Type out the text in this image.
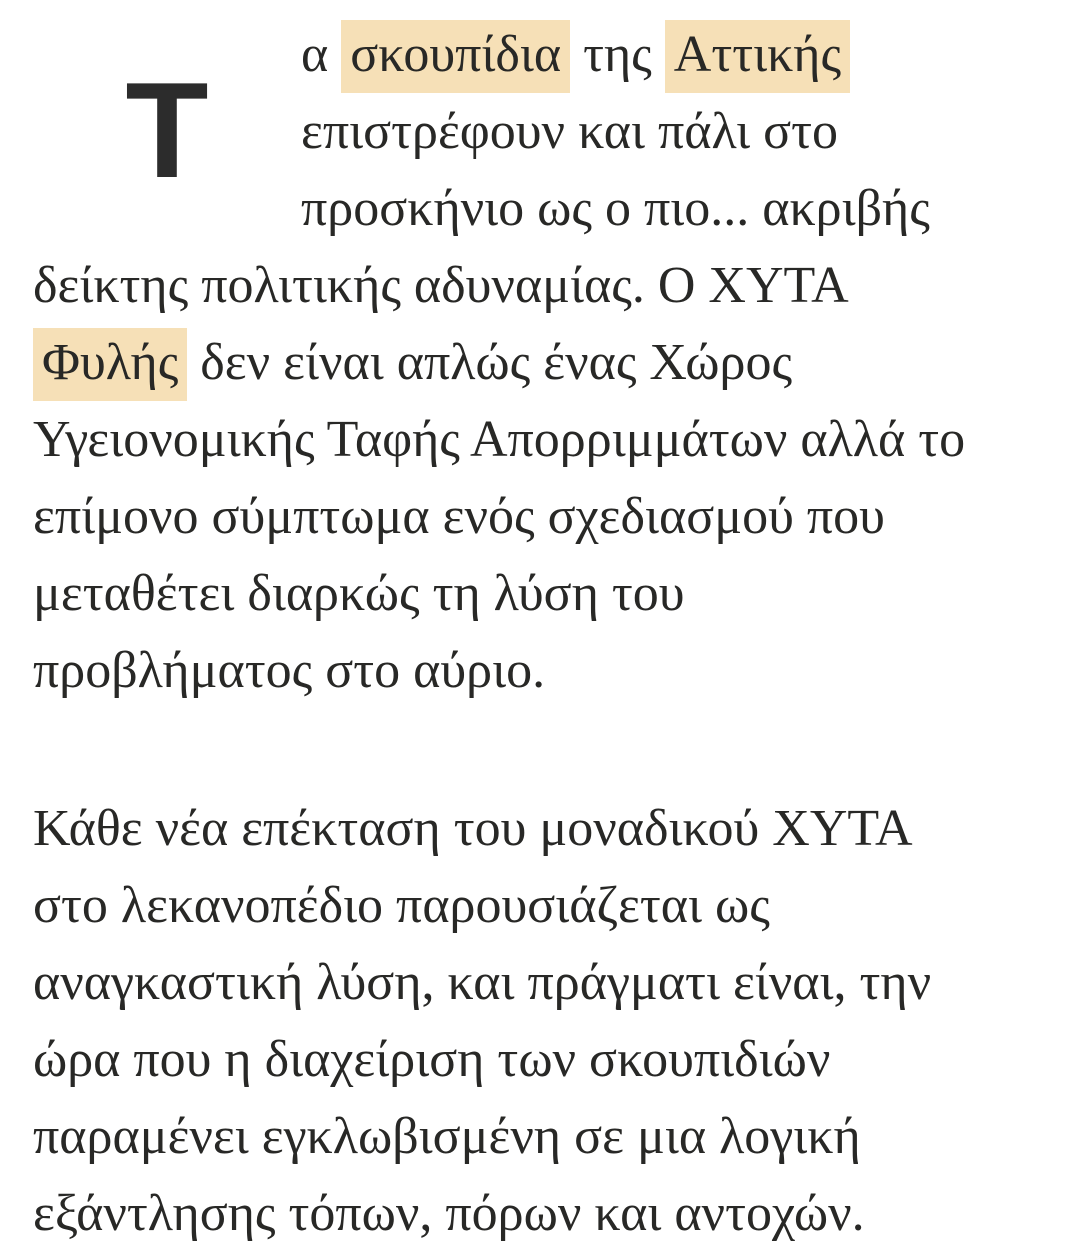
Τ	α σκουπίδια της Αττικής
επιστρέφουν και πάλι στο
προσκήνιο ως ο πιο... ακριβής
δείκτης πολιτικής αδυναμίας. Ο ΧΥΤΑ
Φυλής δεν είναι απλώς ένας Χώρος
Υγειονομικής Ταφής Απορριμμάτων αλλά το
επίμονο σύμπτωμα ενός σχεδιασμού που
μεταθέτει διαρκώς τη λύση του
προβλήματος στο αύριο.
Κάθε νέα επέκταση του μοναδικού ΧΥΤΑ
στο λεκανοπέδιο παρουσιάζεται ως
αναγκαστική λύση, και πράγματι είναι, την
ώρα που η διαχείριση των σκουπιδιών
παραμένει εγκλωβισμένη σε μια λογική
εξάντλησης τόπων, πόρων και αντοχών.
